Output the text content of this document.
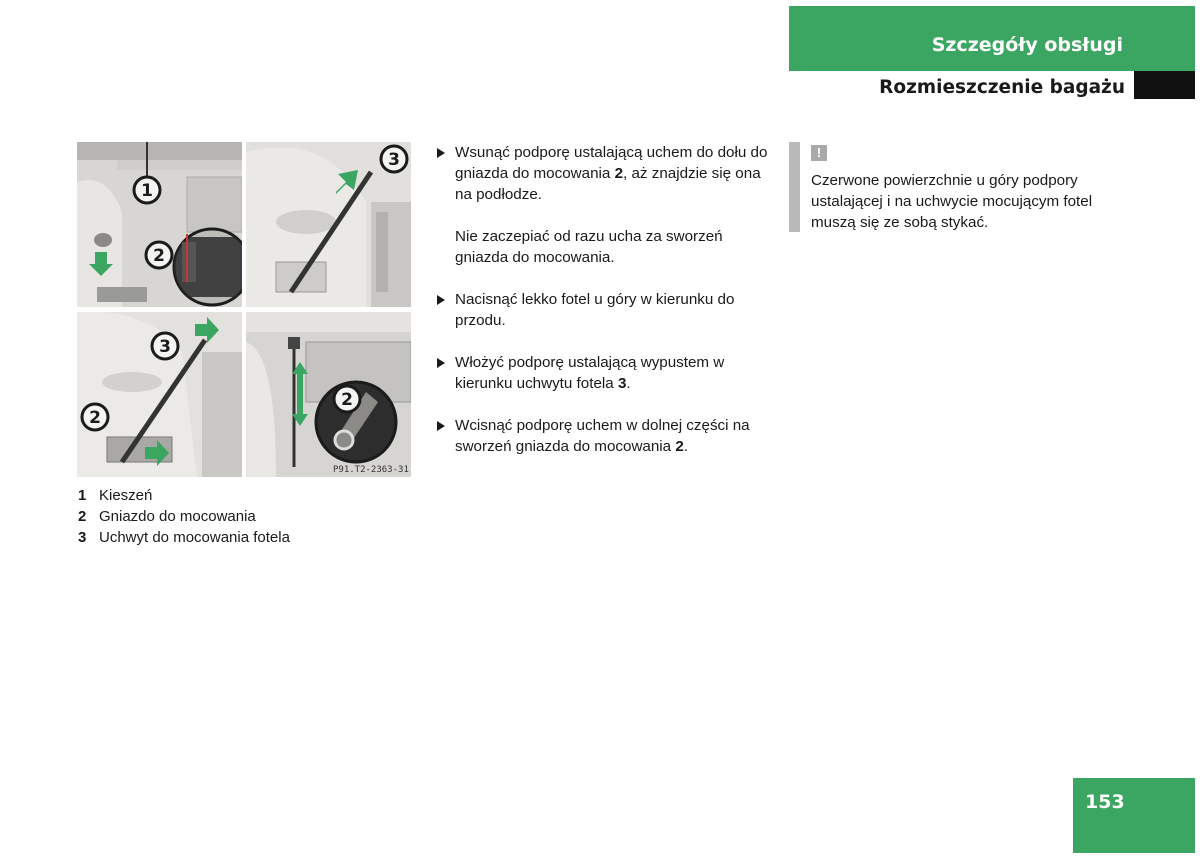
Szczegóły obsługi
Rozmieszczenie bagażu
1
2
3
3
2
2
P91.T2-2363-31
1 Kieszeń
2 Gniazdo do mocowania
3 Uchwyt do mocowania fotela
Wsunąć podporę ustalającą uchem do dołu do gniazda do mocowania 2, aż znajdzie się ona na podłodze.
Nie zaczepiać od razu ucha za sworzeń gniazda do mocowania.
Nacisnąć lekko fotel u góry w kierunku do przodu.
Włożyć podporę ustalającą wypustem w kierunku uchwytu fotela 3.
Wcisnąć podporę uchem w dolnej części na sworzeń gniazda do mocowania 2.
!
Czerwone powierzchnie u góry podpory ustalającej i na uchwycie mocującym fotel muszą się ze sobą stykać.
153
